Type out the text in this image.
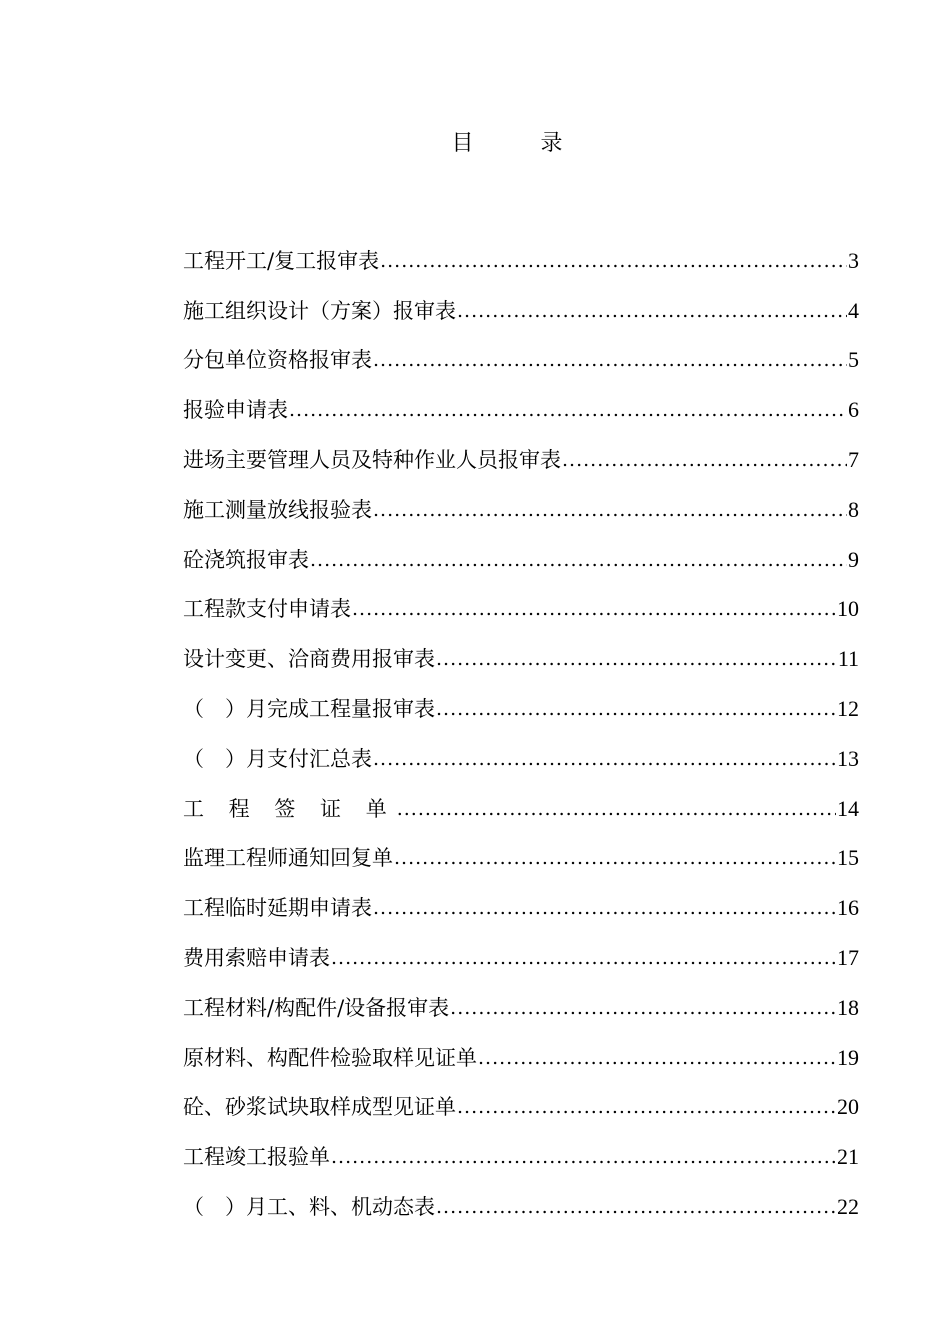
目 录
工程开工/复工报审表 .....	3
施工组织设计（方案）报审表 .....	4
分包单位资格报审表 .....	5
报验申请表 .....	6
进场主要管理人员及特种作业人员报审表 .....	7
施工测量放线报验表 .....	8
砼浇筑报审表 .....	9
工程款支付申请表 .....	10
设计变更、洽商费用报审表 .....	11
（　）月完成工程量报审表 .....	12
（　）月支付汇总表 .....	13
工 程 签 证 单 .....	14
监理工程师通知回复单 .....	15
工程临时延期申请表 .....	16
费用索赔申请表 .....	17
工程材料/构配件/设备报审表 .....	18
原材料、构配件检验取样见证单 .....	19
砼、砂浆试块取样成型见证单 .....	20
工程竣工报验单 .....	21
（　）月工、料、机动态表 .....	22
